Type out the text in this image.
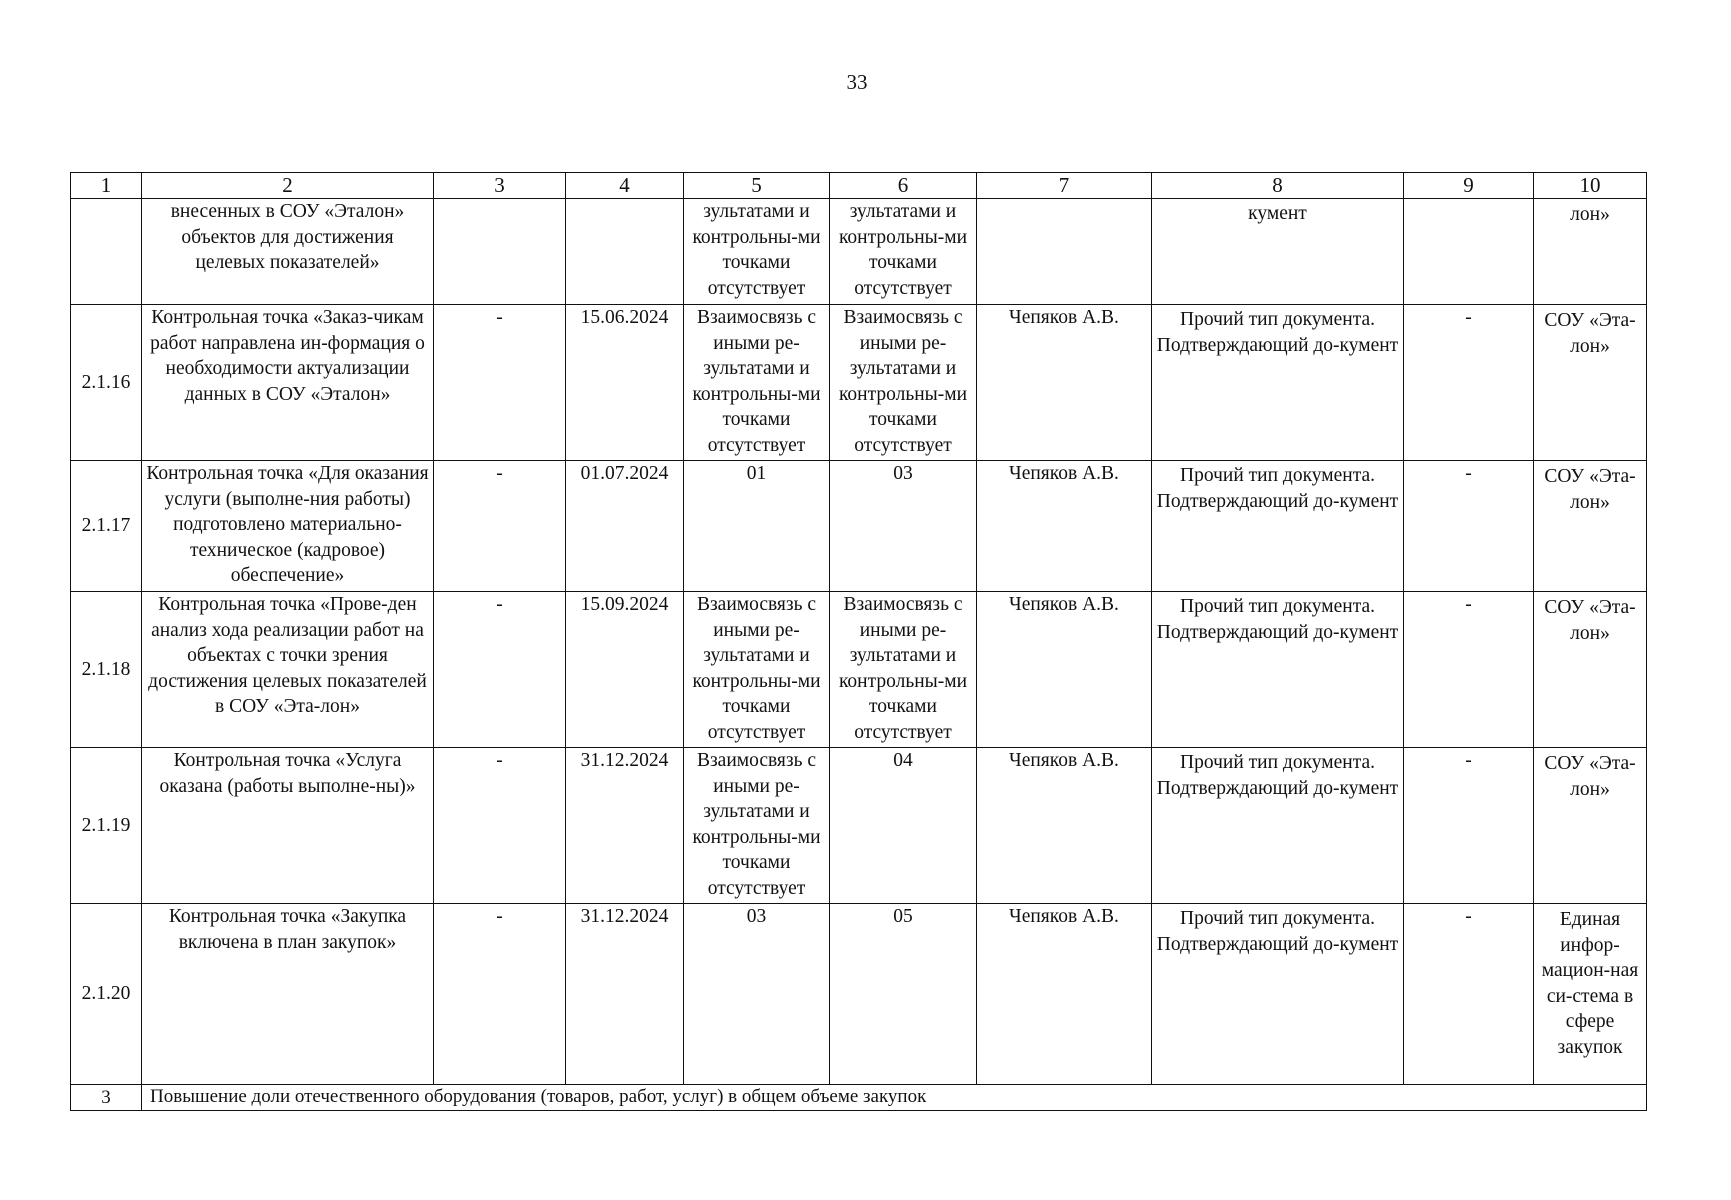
33
1	2	3	4	5	6	7	8	9	10
	внесенных в СОУ «Эталон» объектов для достижения целевых показателей»			зультатами и контрольны-ми точками отсутствует	зультатами и контрольны-ми точками отсутствует		кумент		лон»
2.1.16	Контрольная точка «Заказ-чикам работ направлена ин-формация о необходимости актуализации данных в СОУ «Эталон»	-	15.06.2024	Взаимосвязь с иными ре-зультатами и контрольны-ми точками отсутствует	Взаимосвязь с иными ре-зультатами и контрольны-ми точками отсутствует	Чепяков А.В.	Прочий тип документа. Подтверждающий до-кумент	-	СОУ «Эта-лон»
2.1.17	Контрольная точка «Для оказания услуги (выполне-ния работы) подготовлено материально-техническое (кадровое) обеспечение»	-	01.07.2024	01	03	Чепяков А.В.	Прочий тип документа. Подтверждающий до-кумент	-	СОУ «Эта-лон»
2.1.18	Контрольная точка «Прове-ден анализ хода реализации работ на объектах с точки зрения достижения целевых показателей в СОУ «Эта-лон»	-	15.09.2024	Взаимосвязь с иными ре-зультатами и контрольны-ми точками отсутствует	Взаимосвязь с иными ре-зультатами и контрольны-ми точками отсутствует	Чепяков А.В.	Прочий тип документа. Подтверждающий до-кумент	-	СОУ «Эта-лон»
2.1.19	Контрольная точка «Услуга оказана (работы выполне-ны)»	-	31.12.2024	Взаимосвязь с иными ре-зультатами и контрольны-ми точками отсутствует	04	Чепяков А.В.	Прочий тип документа. Подтверждающий до-кумент	-	СОУ «Эта-лон»
2.1.20	Контрольная точка «Закупка включена в план закупок»	-	31.12.2024	03	05	Чепяков А.В.	Прочий тип документа. Подтверждающий до-кумент	-	Единая инфор-мацион-ная си-стема в сфере закупок
3	Повышение доли отечественного оборудования (товаров, работ, услуг) в общем объеме закупок								
